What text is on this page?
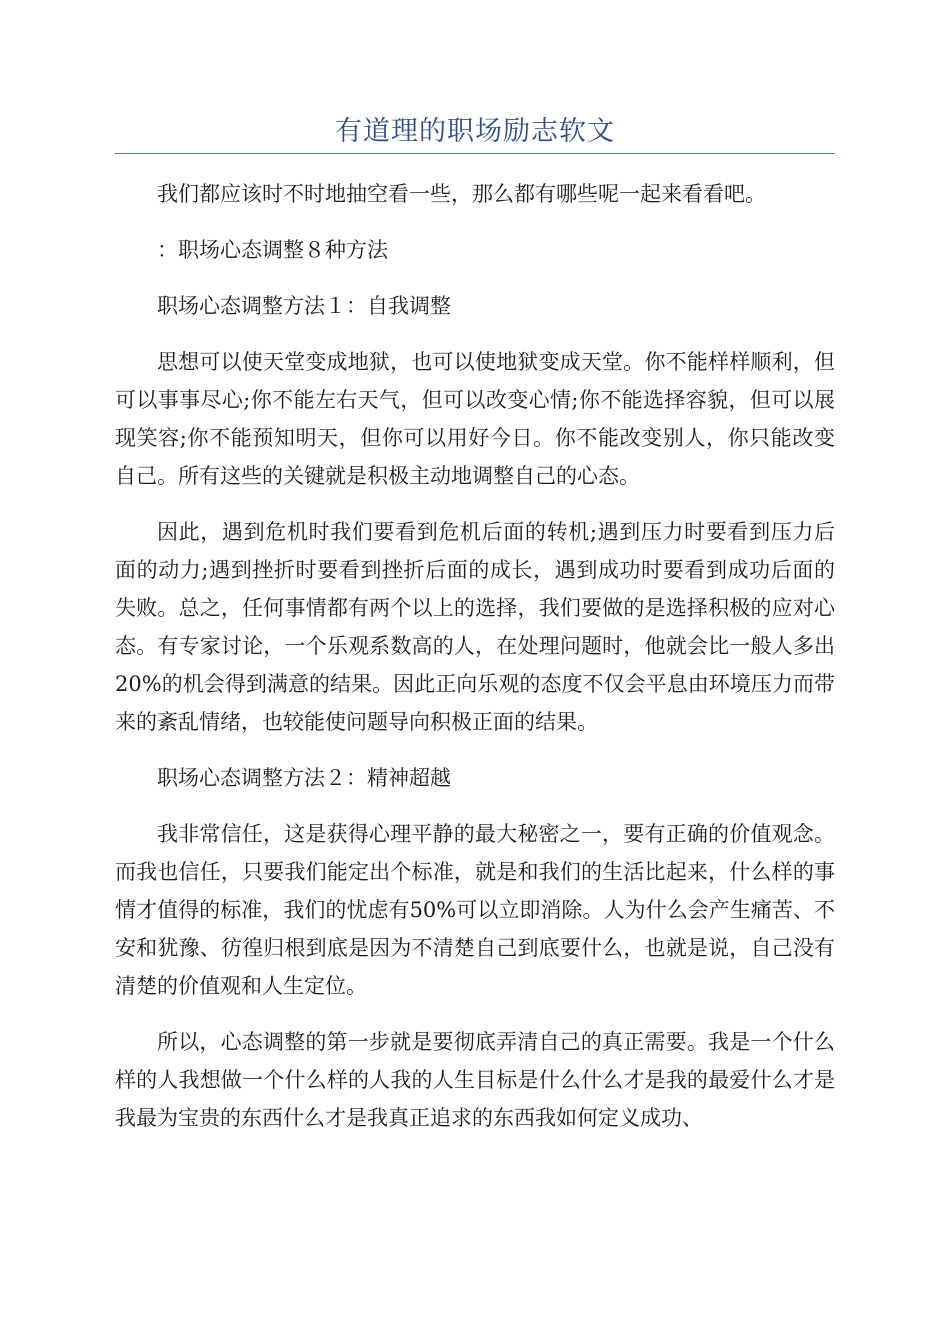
有道理的职场励志软文

我们都应该时不时地抽空看一些，那么都有哪些呢一起来看看吧。

：职场心态调整８种方法

职场心态调整方法１：自我调整

思想可以使天堂变成地狱，也可以使地狱变成天堂。你不能样样顺利，但可以事事尽心;你不能左右天气，但可以改变心情;你不能选择容貌，但可以展现笑容;你不能预知明天，但你可以用好今日。你不能改变别人，你只能改变自己。所有这些的关键就是积极主动地调整自己的心态。

因此，遇到危机时我们要看到危机后面的转机;遇到压力时要看到压力后面的动力;遇到挫折时要看到挫折后面的成长，遇到成功时要看到成功后面的失败。总之，任何事情都有两个以上的选择，我们要做的是选择积极的应对心态。有专家讨论，一个乐观系数高的人，在处理问题时，他就会比一般人多出20%的机会得到满意的结果。因此正向乐观的态度不仅会平息由环境压力而带来的紊乱情绪，也较能使问题导向积极正面的结果。

职场心态调整方法２：精神超越

我非常信任，这是获得心理平静的最大秘密之一，要有正确的价值观念。而我也信任，只要我们能定出个标准，就是和我们的生活比起来，什么样的事情才值得的标准，我们的忧虑有50%可以立即消除。人为什么会产生痛苦、不安和犹豫、彷徨归根到底是因为不清楚自己到底要什么，也就是说，自己没有清楚的价值观和人生定位。

所以，心态调整的第一步就是要彻底弄清自己的真正需要。我是一个什么样的人我想做一个什么样的人我的人生目标是什么什么才是我的最爱什么才是我最为宝贵的东西什么才是我真正追求的东西我如何定义成功、
